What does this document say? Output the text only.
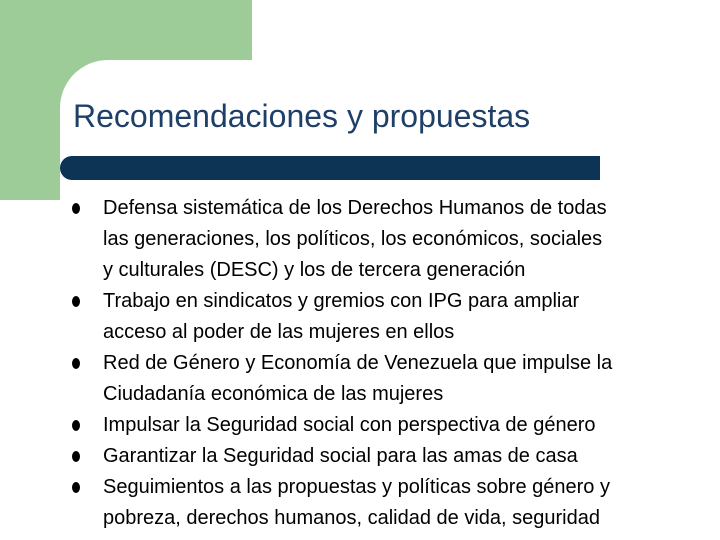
Recomendaciones y propuestas
Defensa sistemática de los Derechos Humanos de todas
las generaciones, los políticos, los económicos, sociales
y culturales (DESC) y los de tercera generación
Trabajo en sindicatos y gremios con IPG para ampliar
acceso al poder de las mujeres en ellos
Red de Género y Economía de Venezuela que impulse la
Ciudadanía económica de las mujeres
Impulsar la Seguridad social con perspectiva de género
Garantizar la Seguridad social para las amas de casa
Seguimientos a las propuestas y políticas sobre género y
pobreza, derechos humanos, calidad de vida, seguridad
